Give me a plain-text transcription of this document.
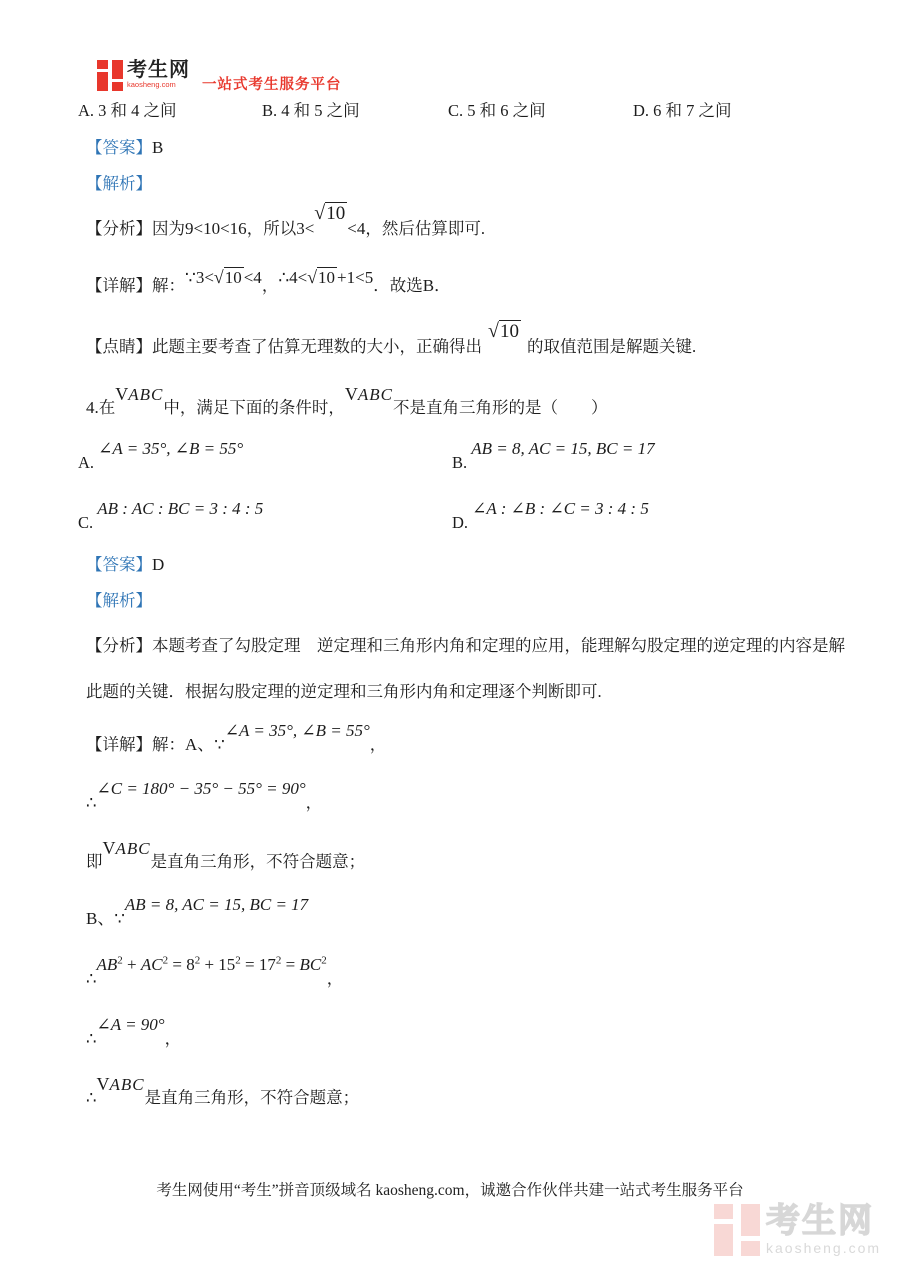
考生网
kaosheng.com	一站式考生服务平台
A. 3 和 4 之间	B. 4 和 5 之间	C. 5 和 6 之间	D. 6 和 7 之间
【答案】B
【解析】
【分析】因为9<10<16，所以3<√10<4，然后估算即可.
【详解】解：∵3<√10 <4，∴4<√10 +1<5．故选B．
【点睛】此题主要考查了估算无理数的大小，正确得出√10的取值范围是解题关键.
4.在VABC中，满足下面的条件时，VABC不是直角三角形的是（　　）
A. ∠A = 35°, ∠B = 55°
B. AB = 8, AC = 15, BC = 17
C. AB : AC : BC = 3 : 4 : 5
D. ∠A : ∠B : ∠C = 3 : 4 : 5
【答案】D
【解析】
【分析】本题考查了勾股定理　逆定理和三角形内角和定理的应用，能理解勾股定理的逆定理的内容是解
此题的关键．根据勾股定理的逆定理和三角形内角和定理逐个判断即可.
【详解】解：A、∵∠A = 35°, ∠B = 55°，
∴∠C = 180° − 35° − 55° = 90°，
即VABC是直角三角形，不符合题意；
B、∵AB = 8, AC = 15, BC = 17
$\therefore AB^2 + AC^2 = 8^2 + 15^2 = 17^2 = BC^2$，
∴∠A = 90°，
∴VABC是直角三角形，不符合题意；
考生网使用“考生”拼音顶级域名 kaosheng.com，诚邀合作伙伴共建一站式考生服务平台
考生网
kaosheng.com
